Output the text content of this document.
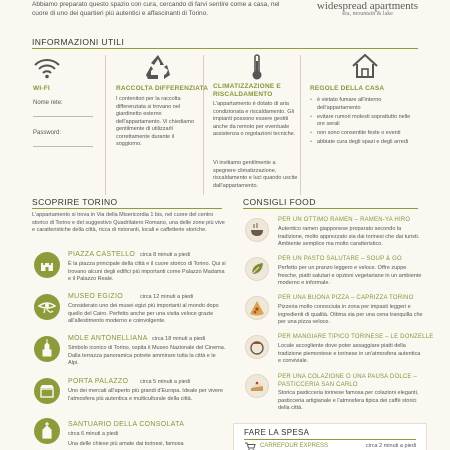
Abbiamo preparato questo spazio con cura, cercando di farvi sentire come a casa, nel cuore di uno dei quartieri più autentici e affascinanti di Torino.
widespread apartments
sea, mountain & lake
INFORMAZIONI UTILI
WI-FI
Nome rete:
Password:
RACCOLTA DIFFERENZIATA
I contenitori per la raccolta differenziata si trovano nel giardinetto esterno dell'appartamento. Vi chiediamo gentilmente di utilizzarli correttamente durante il soggiorno.
CLIMATIZZAZIONE E RISCALDAMENTO
L'appartamento è dotato di aria condizionata e riscaldamento. Gli impianti possono essere gestiti anche da remoto per eventuale assistenza o regolazioni tecniche.
Vi invitiamo gentilmente a spegnere climatizzazione, riscaldamento e luci quando uscite dall'appartamento.
REGOLE DELLA CASA
• è vietato fumare all'interno dell'appartamento
• evitare rumori molesti soprattutto nelle ore serali
• non sono consentite feste o eventi
• abbiate cura degli spazi e degli arredi
SCOPRIRE TORINO
L'appartamento si trova in Via della Misericordia 1 bis, nel cuore del centro storico di Torino e del suggestivo Quadrilatero Romano, una delle zone più vive e caratteristiche della città, ricca di ristoranti, locali e caffetterie storiche.
PIAZZA CASTELLO circa 8 minuti a piedi
È la piazza principale della città e il cuore storico di Torino. Qui si trovano alcuni degli edifici più importanti come Palazzo Madama e il Palazzo Reale.
MUSEO EGIZIO	circa 12 minuti a piedi
Considerato uno dei musei egizi più importanti al mondo dopo quello del Cairo. Perfetto anche per una visita veloce grazie all'allestimento moderno e coinvolgente.
MOLE ANTONELLIANA circa 18 minuti a piedi
Simbolo iconico di Torino, ospita il Museo Nazionale del Cinema. Dalla terrazza panoramica potrete ammirare tutta la città e le Alpi.
PORTA PALAZZO circa 5 minuti a piedi
Uno dei mercati all'aperto più grandi d'Europa. Ideale per vivere l'atmosfera più autentica e multiculturale della città.
SANTUARIO DELLA CONSOLATA
circa 6 minuti a piedi
Una delle chiese più amate dai torinesi, famosa
CONSIGLI FOOD
PER UN OTTIMO RAMEN – RAMEN-YA HIRO
Autentico ramen giapponese preparato secondo la tradizione, molto apprezzato sia dai torinesi che dai turisti. Ambiente semplice ma molto caratteristico.
PER UN PASTO SALUTARE – SOUP & GO
Perfetto per un pranzo leggero e veloce. Offre zuppe fresche, piatti salutari e opzioni vegetariane in un ambiente moderno e informale.
PER UNA BUONA PIZZA – CAPRIZZA TORINO
Pizzeria molto conosciuta in zona per impasti leggeri e ingredienti di qualità. Ottima sia per una cena tranquilla che per una pizza veloce.
PER MANGIARE TIPICO TORINESE – LE DONZELLE
Locale accogliente dove poter assaggiare piatti della tradizione piemontese e torinese in un'atmosfera autentica e conviviale.
PER UNA COLAZIONE O UNA PAUSA DOLCE – PASTICCERIA SAN CARLO
Storica pasticceria torinese famosa per colazioni eleganti, pasticceria artigianale e l'atmosfera tipica dei caffè storici della città.
FARE LA SPESA
CARREFOUR EXPRESS	circa 2 minuti a piedi
